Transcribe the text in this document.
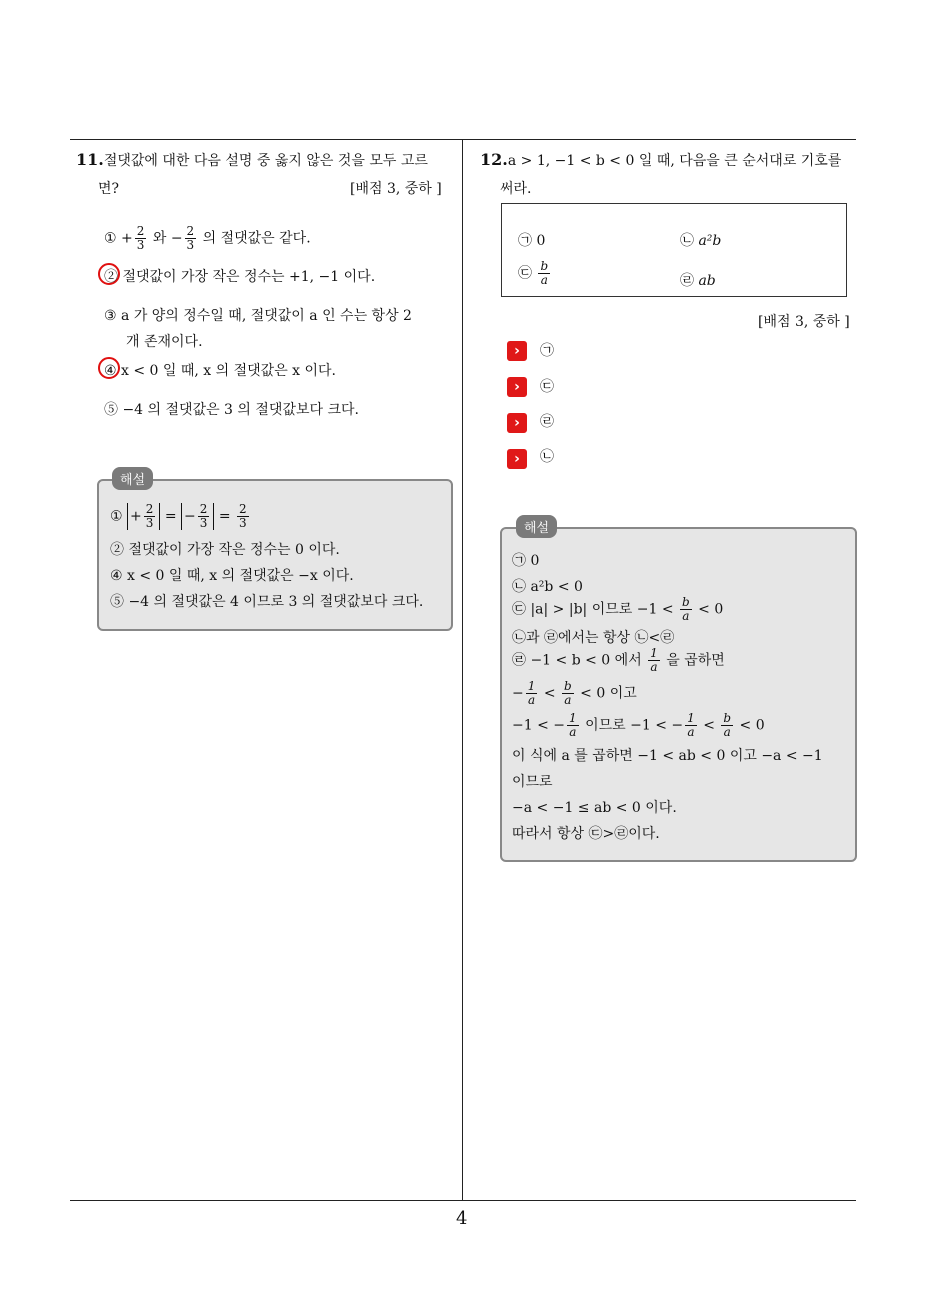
11.절댓값에 대한 다음 설명 중 옳지 않은 것을 모두 고르
면?	[배점 3, 중하 ]
① + $\frac{2}{3}$ 와 − $\frac{2}{3}$ 의 절댓값은 같다.
② 절댓값이 가장 작은 정수는 +1, −1 이다.
③ a 가 양의 정수일 때, 절댓값이 a 인 수는 항상 2
개 존재이다.
④ x < 0 일 때, x 의 절댓값은 x 이다.
⑤ −4 의 절댓값은 3 의 절댓값보다 크다.
해설
① + $\frac{2}{3}$ = − $\frac{2}{3} = \frac{2}{3}$
② 절댓값이 가장 작은 정수는 0 이다.
④ x < 0 일 때, x 의 절댓값은 −x 이다.
⑤ −4 의 절댓값은 4 이므로 3 의 절댓값보다 크다.
12.a > 1, −1 < b < 0 일 때, 다음을 큰 순서대로 기호를
써라.
㉠ 0	㉡ a²b
㉢ $\frac{b}{a}$	㉣ ab
[배점 3, 중하 ]
›	㉠
›	㉢
›	㉣
›	㉡
해설
㉠ 0
㉡ a²b < 0
㉢ |a| > |b| 이므로 $-1 < \frac{b}{a} < 0$
㉡과 ㉣에서는 항상 ㉡<㉣
㉣ −1 < b < 0 에서 $\frac{1}{a}$ 을 곱하면
− $\frac{1}{a} < \frac{b}{a} < 0$ 이고
−1 < − $\frac{1}{a}$ 이므로 −1 < − $\frac{1}{a} < \frac{b}{a} < 0$
이 식에 a 를 곱하면 −1 < ab < 0 이고 −a < −1
이므로
−a < −1 ≤ ab < 0 이다.
따라서 항상 ㉢>㉣이다.
4
